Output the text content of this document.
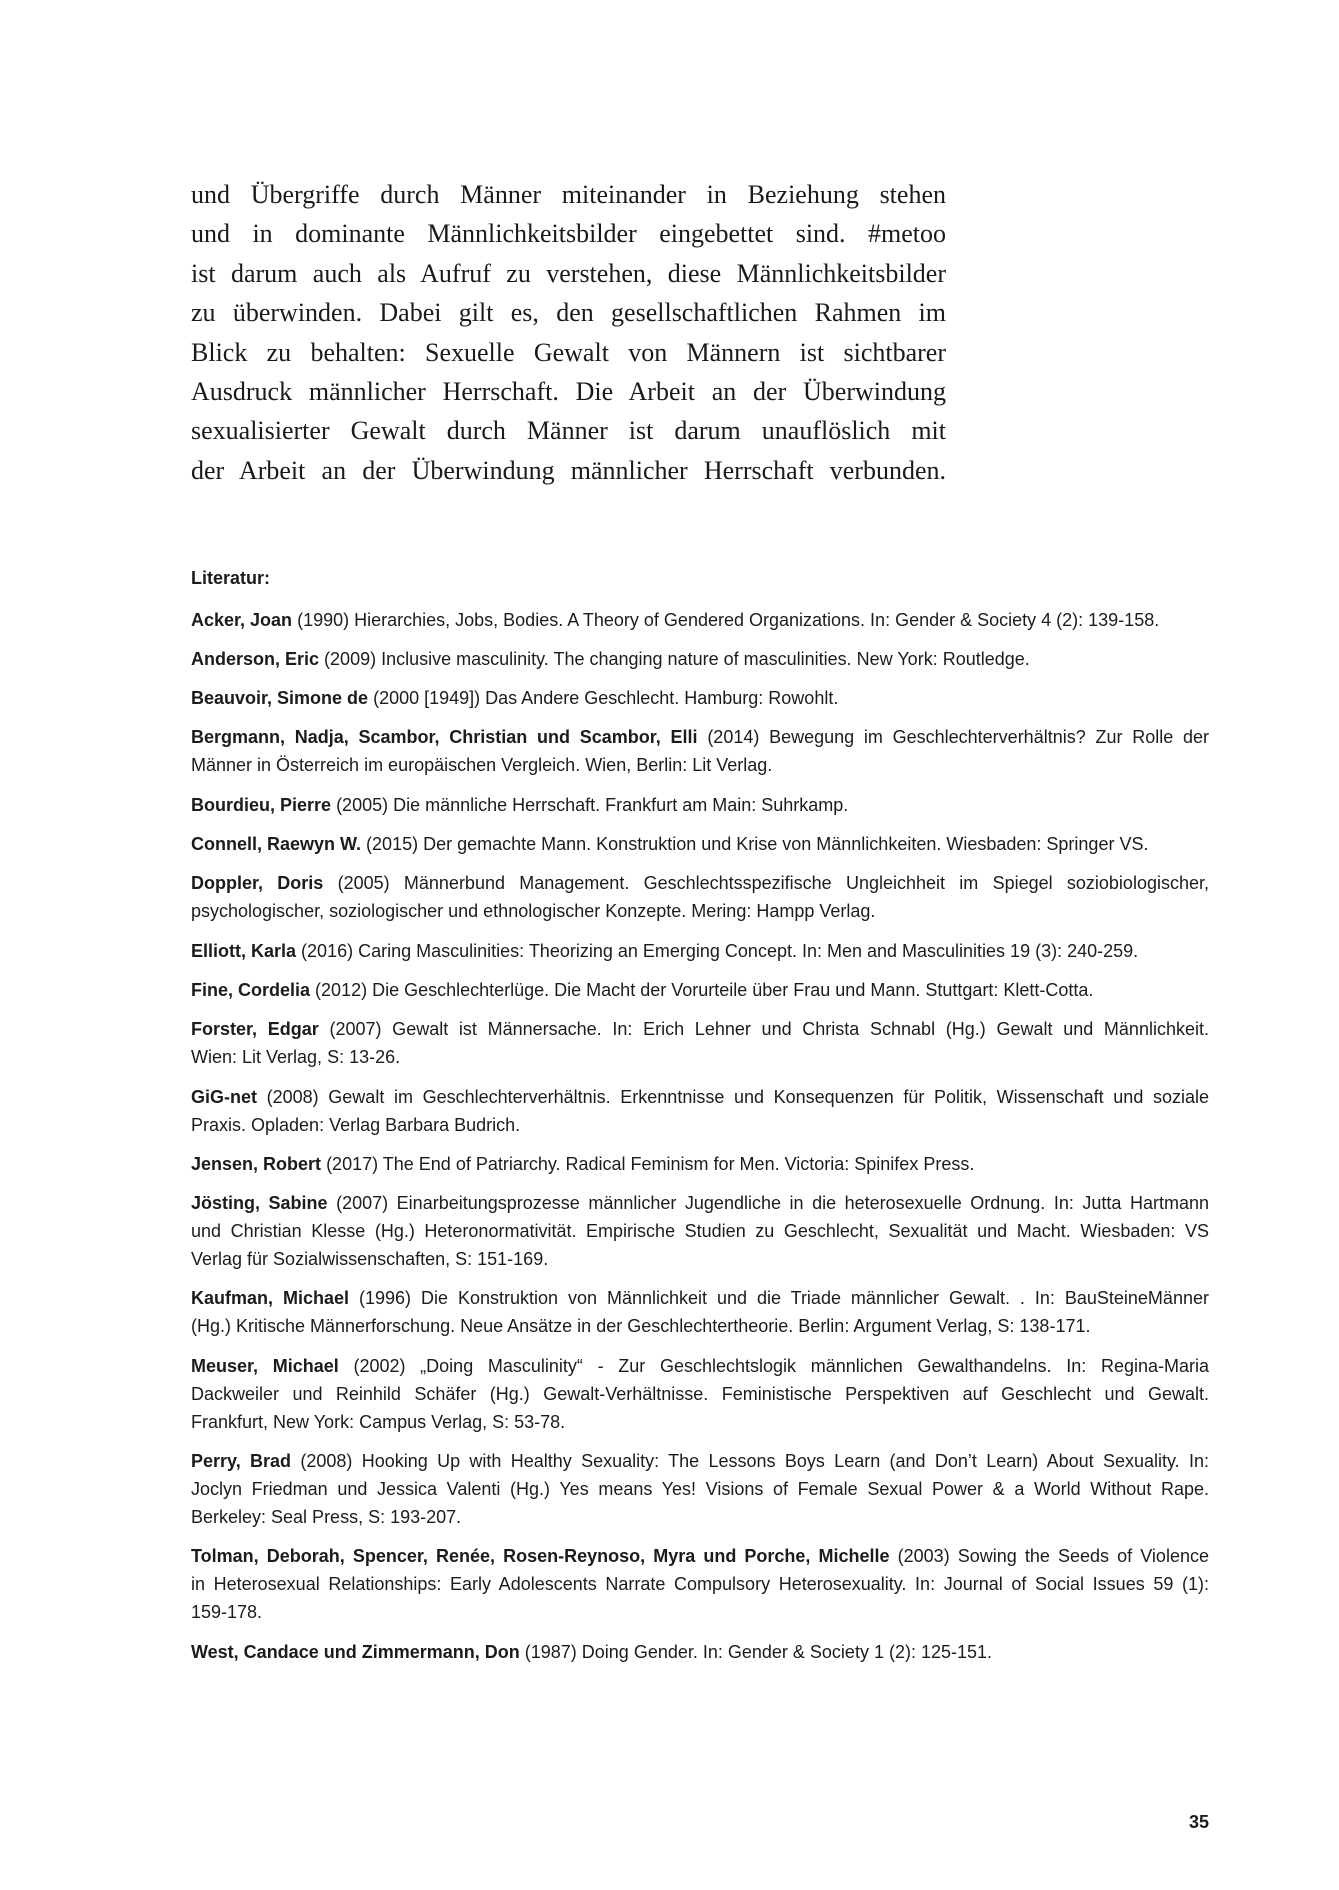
und Übergriffe durch Männer miteinander in Beziehung stehen
und in dominante Männlichkeitsbilder eingebettet sind. #metoo
ist darum auch als Aufruf zu verstehen, diese Männlichkeitsbilder
zu überwinden. Dabei gilt es, den gesellschaftlichen Rahmen im
Blick zu behalten: Sexuelle Gewalt von Männern ist sichtbarer
Ausdruck männlicher Herrschaft. Die Arbeit an der Überwindung
sexualisierter Gewalt durch Männer ist darum unauflöslich mit
der Arbeit an der Überwindung männlicher Herrschaft verbunden.
Literatur:
Acker, Joan (1990) Hierarchies, Jobs, Bodies. A Theory of Gendered Organizations. In: Gender & Society 4 (2): 139-158.
Anderson, Eric (2009) Inclusive masculinity. The changing nature of masculinities. New York: Routledge.
Beauvoir, Simone de (2000 [1949]) Das Andere Geschlecht. Hamburg: Rowohlt.
Bergmann, Nadja, Scambor, Christian und Scambor, Elli (2014) Bewegung im Geschlechterverhältnis? Zur Rolle der
Männer in Österreich im europäischen Vergleich. Wien, Berlin: Lit Verlag.
Bourdieu, Pierre (2005) Die männliche Herrschaft. Frankfurt am Main: Suhrkamp.
Connell, Raewyn W. (2015) Der gemachte Mann. Konstruktion und Krise von Männlichkeiten. Wiesbaden: Springer VS.
Doppler, Doris (2005) Männerbund Management. Geschlechtsspezifische Ungleichheit im Spiegel soziobiologischer,
psychologischer, soziologischer und ethnologischer Konzepte. Mering: Hampp Verlag.
Elliott, Karla (2016) Caring Masculinities: Theorizing an Emerging Concept. In: Men and Masculinities 19 (3): 240-259.
Fine, Cordelia (2012) Die Geschlechterlüge. Die Macht der Vorurteile über Frau und Mann. Stuttgart: Klett-Cotta.
Forster, Edgar (2007) Gewalt ist Männersache. In: Erich Lehner und Christa Schnabl (Hg.) Gewalt und Männlichkeit.
Wien: Lit Verlag, S: 13-26.
GiG-net (2008) Gewalt im Geschlechterverhältnis. Erkenntnisse und Konsequenzen für Politik, Wissenschaft und soziale
Praxis. Opladen: Verlag Barbara Budrich.
Jensen, Robert (2017) The End of Patriarchy. Radical Feminism for Men. Victoria: Spinifex Press.
Jösting, Sabine (2007) Einarbeitungsprozesse männlicher Jugendliche in die heterosexuelle Ordnung. In: Jutta Hartmann
und Christian Klesse (Hg.) Heteronormativität. Empirische Studien zu Geschlecht, Sexualität und Macht. Wiesbaden: VS
Verlag für Sozialwissenschaften, S: 151-169.
Kaufman, Michael (1996) Die Konstruktion von Männlichkeit und die Triade männlicher Gewalt. . In: BauSteineMänner
(Hg.) Kritische Männerforschung. Neue Ansätze in der Geschlechtertheorie. Berlin: Argument Verlag, S: 138-171.
Meuser, Michael (2002) „Doing Masculinity“ - Zur Geschlechtslogik männlichen Gewalthandelns. In: Regina-Maria
Dackweiler und Reinhild Schäfer (Hg.) Gewalt-Verhältnisse. Feministische Perspektiven auf Geschlecht und Gewalt.
Frankfurt, New York: Campus Verlag, S: 53-78.
Perry, Brad (2008) Hooking Up with Healthy Sexuality: The Lessons Boys Learn (and Don’t Learn) About Sexuality. In:
Joclyn Friedman und Jessica Valenti (Hg.) Yes means Yes! Visions of Female Sexual Power & a World Without Rape.
Berkeley: Seal Press, S: 193-207.
Tolman, Deborah, Spencer, Renée, Rosen-Reynoso, Myra und Porche, Michelle (2003) Sowing the Seeds of Violence
in Heterosexual Relationships: Early Adolescents Narrate Compulsory Heterosexuality. In: Journal of Social Issues 59 (1):
159-178.
West, Candace und Zimmermann, Don (1987) Doing Gender. In: Gender & Society 1 (2): 125-151.
35
